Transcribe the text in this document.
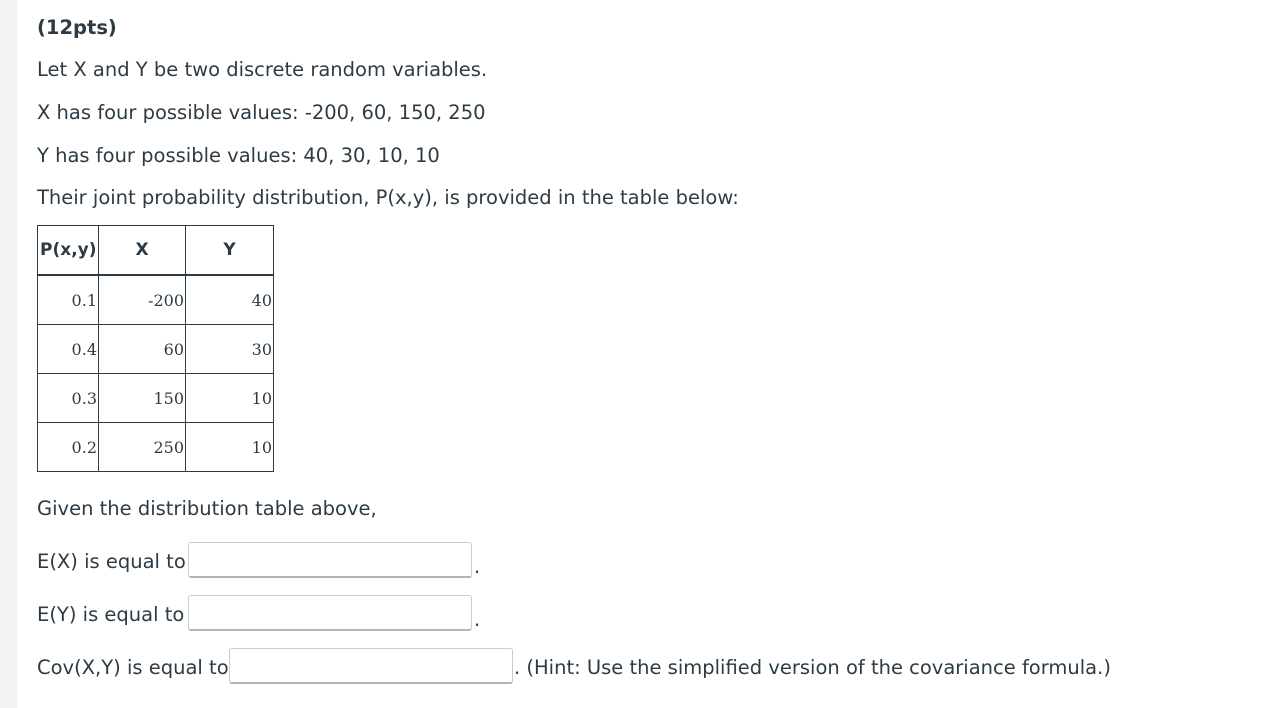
(12pts)
Let X and Y be two discrete random variables.
X has four possible values: -200, 60, 150, 250
Y has four possible values: 40, 30, 10, 10
Their joint probability distribution, P(x,y), is provided in the table below:
P(x,y)	X	Y
0.1	-200	40
0.4	60	30
0.3	150	10
0.2	250	10
Given the distribution table above,
E(X) is equal to	.
E(Y) is equal to	.
Cov(X,Y) is equal to	. (Hint: Use the simplified version of the covariance formula.)
